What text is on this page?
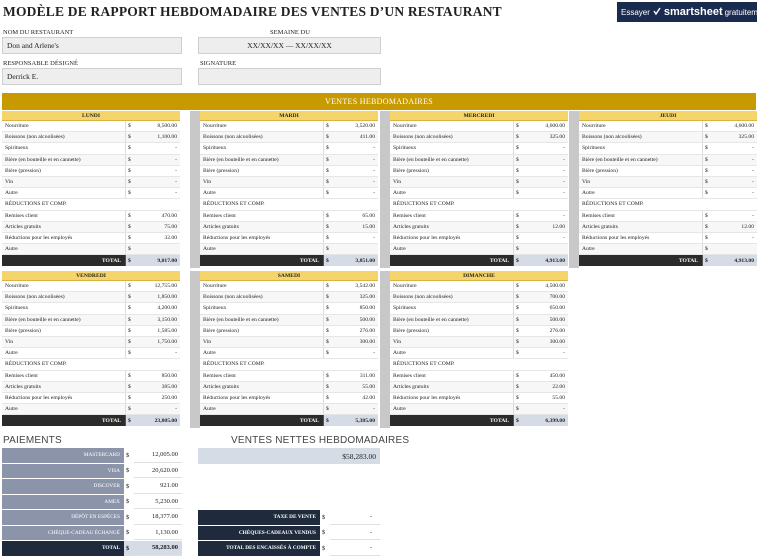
MODÈLE DE RAPPORT HEBDOMADAIRE DES VENTES D’UN RESTAURANT	Essayer smartsheet gratuitement.
NOM DU RESTAURANT
Don and Arlene's
SEMAINE DU
XX/XX/XX — XX/XX/XX
RESPONSABLE DÉSIGNÉ
Derrick E.
SIGNATURE
VENTES HEBDOMADAIRES
LUNDI
Nourriture	$	8,500.00
Boissons (non alcoolisées)	$	1,100.00
Spiritueux	$	-
Bière (en bouteille et en cannette)	$	-
Bière (pression)	$	-
Vin	$	-
Autre	$	-
RÉDUCTIONS ET COMP.
Remises client	$	470.00
Articles gratuits	$	75.00
Réductions pour les employés	$	32.00
Autre	$
TOTAL	$	9,017.00
MARDI
Nourriture	$	3,520.00
Boissons (non alcoolisées)	$	411.00
Spiritueux	$	-
Bière (en bouteille et en cannette)	$	-
Bière (pression)	$	-
Vin	$	-
Autre	$	-
RÉDUCTIONS ET COMP.
Remises client	$	65.00
Articles gratuits	$	15.00
Réductions pour les employés	$	-
Autre	$
TOTAL	$	3,851.00
MERCREDI
Nourriture	$	4,600.00
Boissons (non alcoolisées)	$	325.00
Spiritueux	$	-
Bière (en bouteille et en cannette)	$	-
Bière (pression)	$	-
Vin	$	-
Autre	$	-
RÉDUCTIONS ET COMP.
Remises client	$	-
Articles gratuits	$	12.00
Réductions pour les employés	$	-
Autre	$
TOTAL	$	4,913.00
JEUDI
Nourriture	$	4,600.00
Boissons (non alcoolisées)	$	325.00
Spiritueux	$	-
Bière (en bouteille et en cannette)	$	-
Bière (pression)	$	-
Vin	$	-
Autre	$	-
RÉDUCTIONS ET COMP.
Remises client	$	-
Articles gratuits	$	12.00
Réductions pour les employés	$	-
Autre	$
TOTAL	$	4,913.00
VENDREDI
Nourriture	$	12,755.00
Boissons (non alcoolisées)	$	1,850.00
Spiritueux	$	4,200.00
Bière (en bouteille et en cannette)	$	3,150.00
Bière (pression)	$	1,585.00
Vin	$	1,750.00
Autre	$	-
RÉDUCTIONS ET COMP.
Remises client	$	850.00
Articles gratuits	$	385.00
Réductions pour les employés	$	250.00
Autre	$	-
TOTAL	$	23,805.00
SAMEDI
Nourriture	$	3,542.00
Boissons (non alcoolisées)	$	325.00
Spiritueux	$	850.00
Bière (en bouteille et en cannette)	$	500.00
Bière (pression)	$	276.00
Vin	$	300.00
Autre	$	-
RÉDUCTIONS ET COMP.
Remises client	$	311.00
Articles gratuits	$	55.00
Réductions pour les employés	$	42.00
Autre	$	-
TOTAL	$	5,385.00
DIMANCHE
Nourriture	$	4,500.00
Boissons (non alcoolisées)	$	700.00
Spiritueux	$	650.00
Bière (en bouteille et en cannette)	$	500.00
Bière (pression)	$	276.00
Vin	$	300.00
Autre	$	-
RÉDUCTIONS ET COMP.
Remises client	$	450.00
Articles gratuits	$	22.00
Réductions pour les employés	$	55.00
Autre	$	-
TOTAL	$	6,399.00
PAIEMENTS
MASTERCARD $	12,005.00
VISA $	20,620.00
DISCOVER $	921.00
AMEX $	5,230.00
DÉPÔT EN ESPÈCES $	18,377.00
CHÈQUE-CADEAU ÉCHANGÉ $	1,130.00
TOTAL $	58,283.00
VENTES NETTES HEBDOMADAIRES
$58,283.00
TAXE DE VENTE $	-
CHÈQUES-CADEAUX VENDUS $	-
TOTAL DES ENCAISSÉS À COMPTE $	-
